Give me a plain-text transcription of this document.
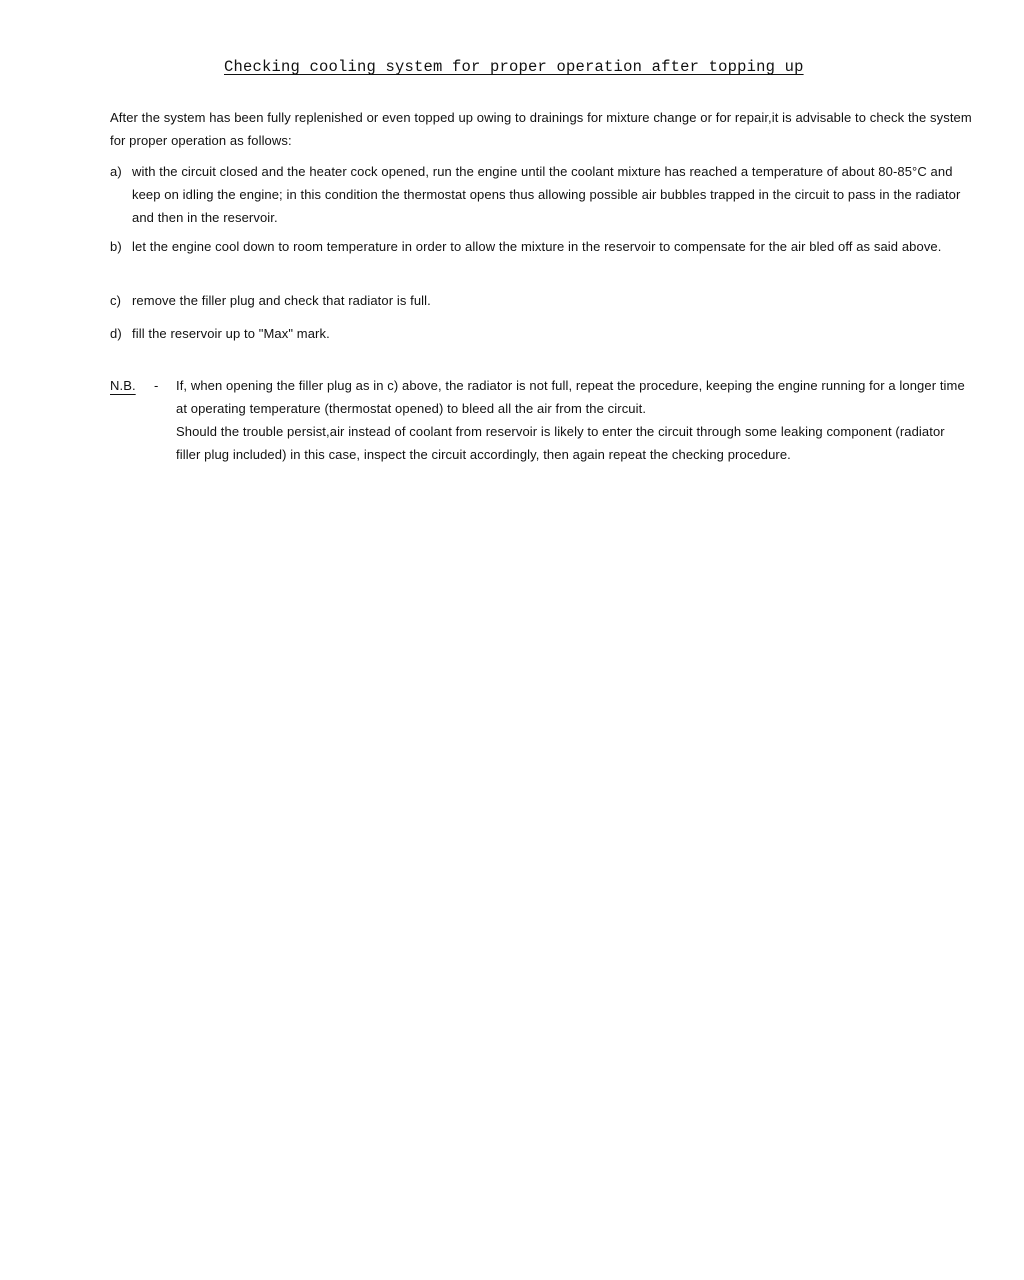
Checking cooling system for proper operation after topping up
After the system has been fully replenished or even topped up owing to drainings for mixture change or for repair,it is advisable to check the system for proper operation as follows:
a) with the circuit closed and the heater cock opened, run the engine until the coolant mixture has reached a temperature of about 80-85°C and keep on idling the engine; in this condition the thermostat opens thus allowing possible air bubbles trapped in the circuit to pass in the radiator and then in the reservoir.
b) let the engine cool down to room temperature in order to allow the mixture in the reservoir to compensate for the air bled off as said above.
c) remove the filler plug and check that radiator is full.
d) fill the reservoir up to "Max" mark.
N.B.	-	If, when opening the filler plug as in c) above, the radiator is not full, repeat the procedure, keeping the engine running for a longer time at operating temperature (thermostat opened) to bleed all the air from the circuit.

Should the trouble persist,air instead of coolant from reservoir is likely to enter the circuit through some leaking component (radiator filler plug included) in this case, inspect the circuit accordingly, then again repeat the checking procedure.
